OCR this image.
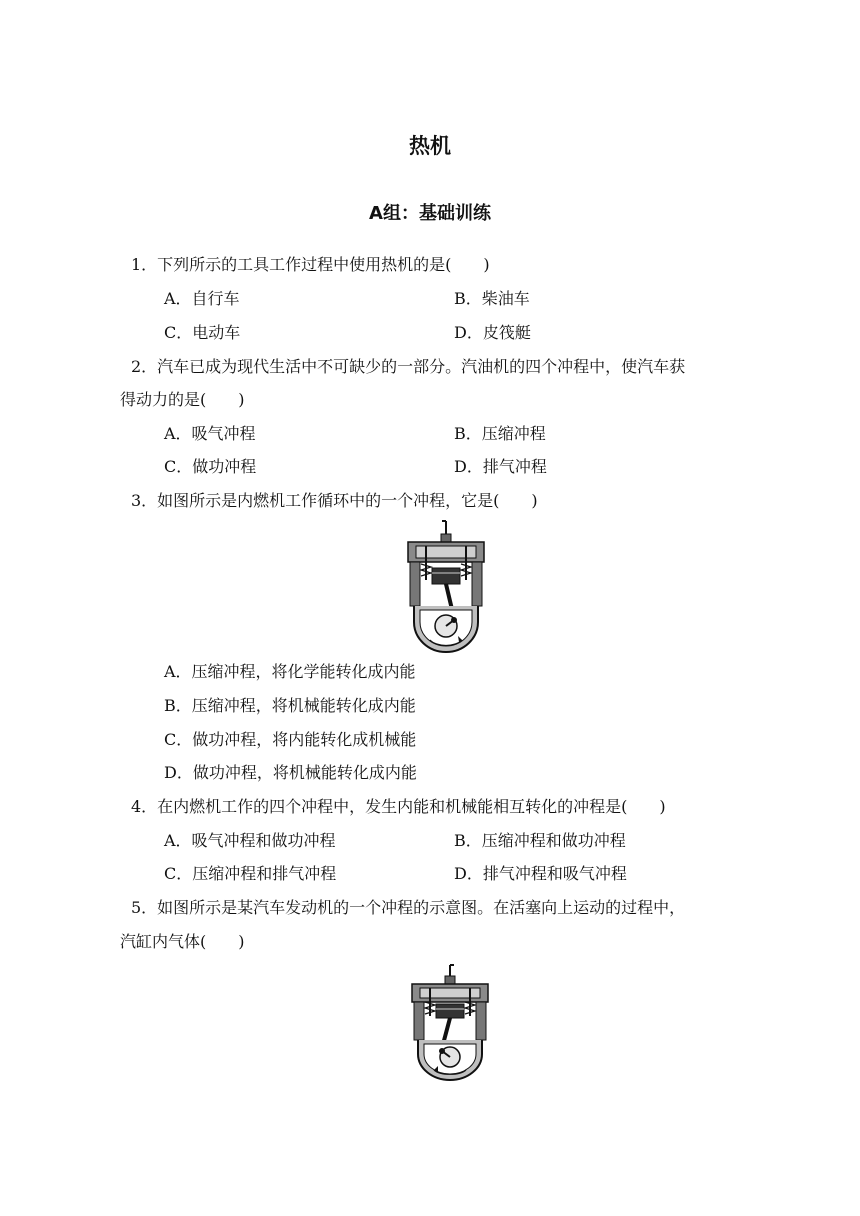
热机
A组：基础训练
1．下列所示的工具工作过程中使用热机的是(　　)
A．自行车	B．柴油车
C．电动车	D．皮筏艇
2．汽车已成为现代生活中不可缺少的一部分。汽油机的四个冲程中，使汽车获
得动力的是(　　)
A．吸气冲程	B．压缩冲程
C．做功冲程	D．排气冲程
3．如图所示是内燃机工作循环中的一个冲程，它是(　　)
A．压缩冲程，将化学能转化成内能
B．压缩冲程，将机械能转化成内能
C．做功冲程，将内能转化成机械能
D．做功冲程，将机械能转化成内能
4．在内燃机工作的四个冲程中，发生内能和机械能相互转化的冲程是(　　)
A．吸气冲程和做功冲程	B．压缩冲程和做功冲程
C．压缩冲程和排气冲程	D．排气冲程和吸气冲程
5．如图所示是某汽车发动机的一个冲程的示意图。在活塞向上运动的过程中，
汽缸内气体(　　)
